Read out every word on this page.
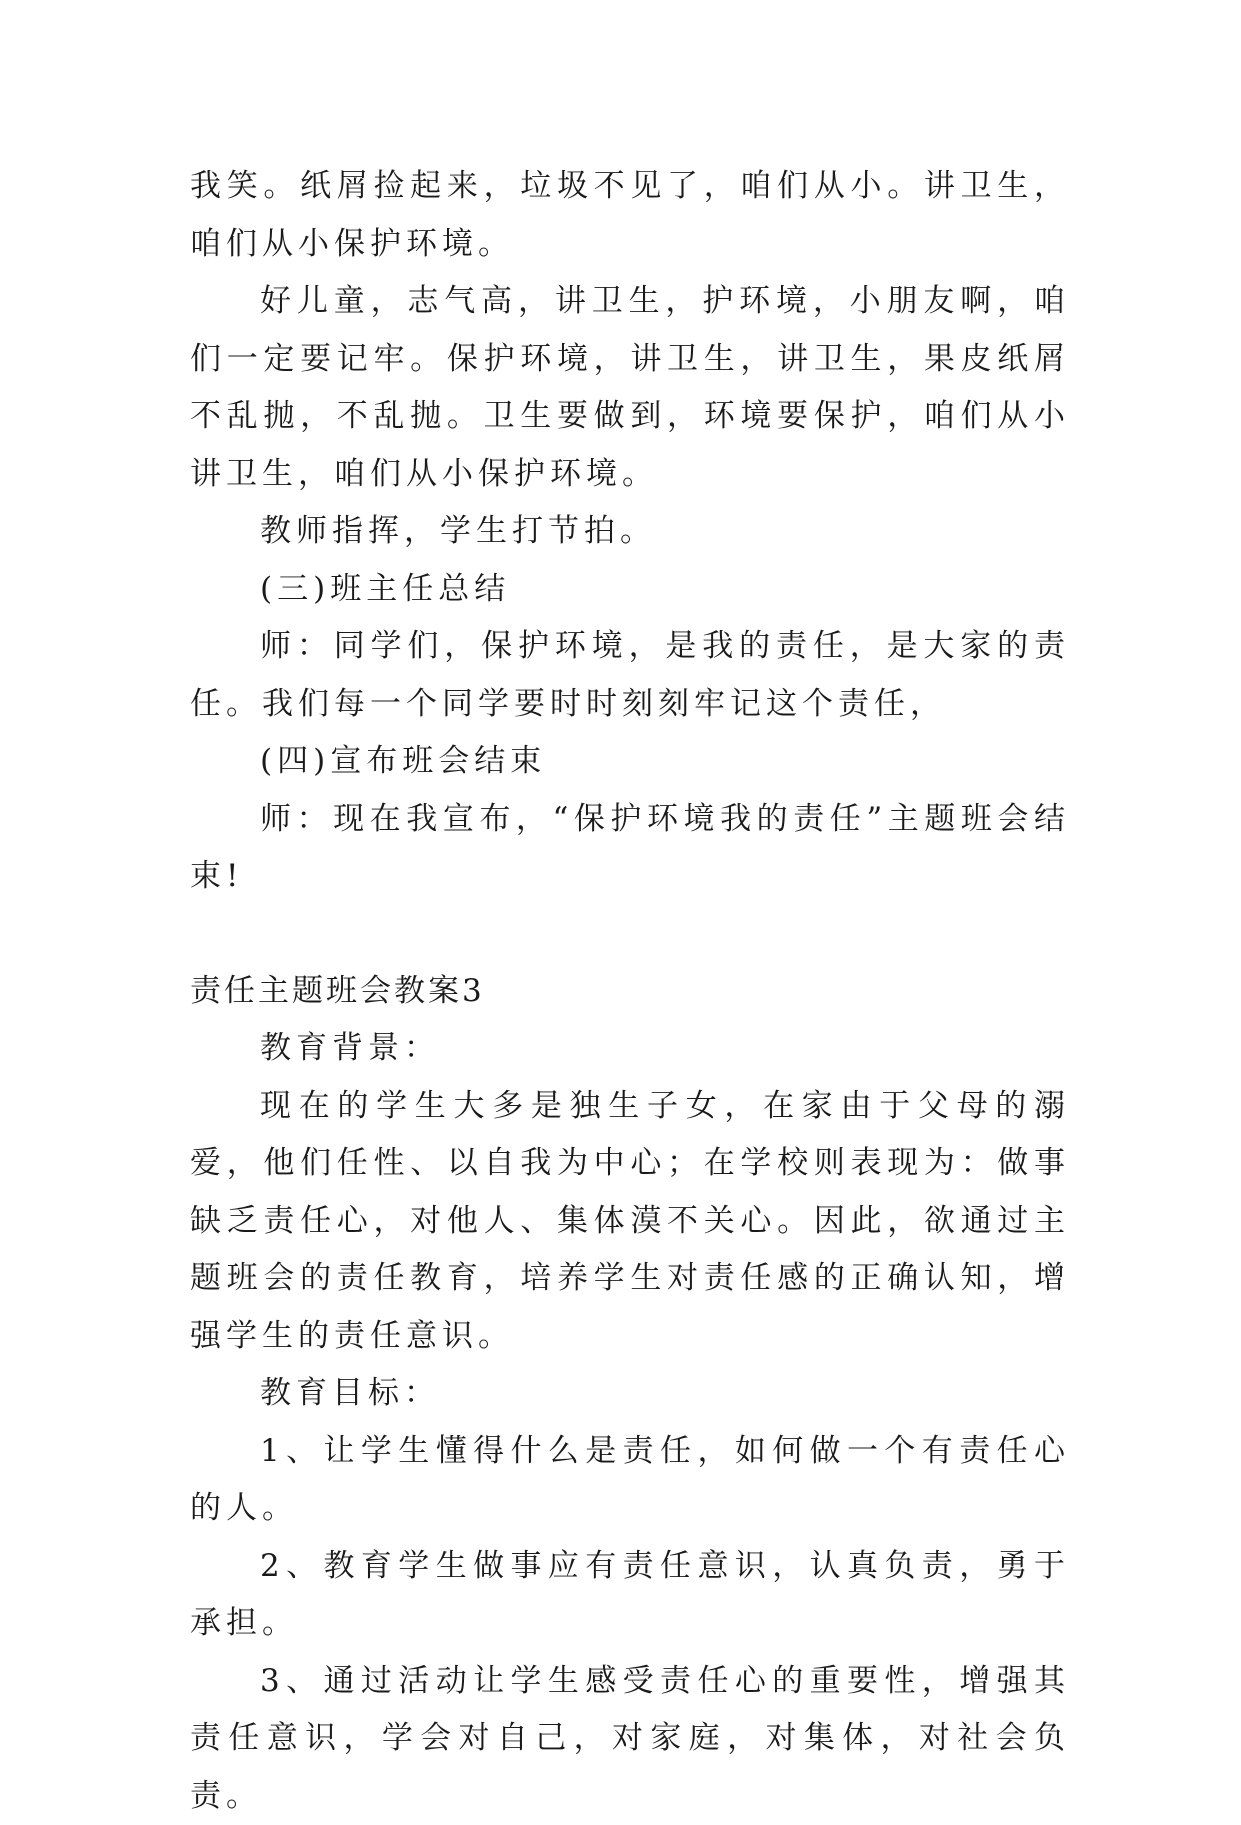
我笑。纸屑捡起来，垃圾不见了，咱们从小。讲卫生，咱们从小保护环境。

好儿童，志气高，讲卫生，护环境，小朋友啊，咱们一定要记牢。保护环境，讲卫生，讲卫生，果皮纸屑不乱抛，不乱抛。卫生要做到，环境要保护，咱们从小讲卫生，咱们从小保护环境。

教师指挥，学生打节拍。

(三)班主任总结

师：同学们，保护环境，是我的责任，是大家的责任。我们每一个同学要时时刻刻牢记这个责任，

(四)宣布班会结束

师：现在我宣布，“保护环境我的责任”主题班会结束!

责任主题班会教案3

教育背景：

现在的学生大多是独生子女，在家由于父母的溺爱，他们任性、以自我为中心；在学校则表现为：做事缺乏责任心，对他人、集体漠不关心。因此，欲通过主题班会的责任教育，培养学生对责任感的正确认知，增强学生的责任意识。

教育目标：

1、让学生懂得什么是责任，如何做一个有责任心的人。

2、教育学生做事应有责任意识，认真负责，勇于承担。

3、通过活动让学生感受责任心的重要性，增强其责任意识，学会对自己，对家庭，对集体，对社会负责。
